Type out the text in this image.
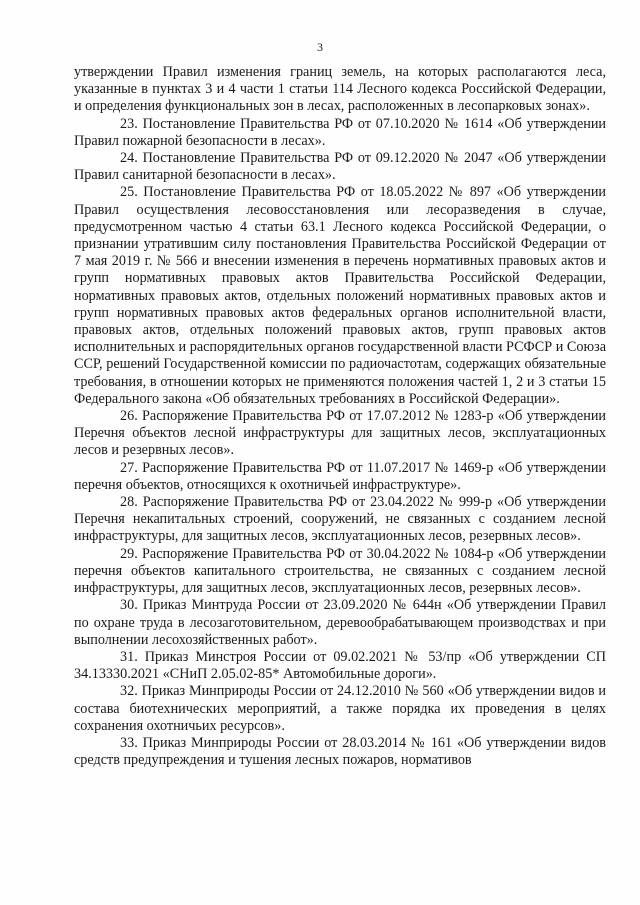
3

утверждении Правил изменения границ земель, на которых располагаются леса, указанные в пунктах 3 и 4 части 1 статьи 114 Лесного кодекса Российской Федерации, и определения функциональных зон в лесах, расположенных в лесопарковых зонах».

23. Постановление Правительства РФ от 07.10.2020 № 1614 «Об утверждении Правил пожарной безопасности в лесах».

24. Постановление Правительства РФ от 09.12.2020 № 2047 «Об утверждении Правил санитарной безопасности в лесах».

25. Постановление Правительства РФ от 18.05.2022 № 897 «Об утверждении Правил осуществления лесовосстановления или лесоразведения в случае, предусмотренном частью 4 статьи 63.1 Лесного кодекса Российской Федерации, о признании утратившим силу постановления Правительства Российской Федерации от 7 мая 2019 г. № 566 и внесении изменения в перечень нормативных правовых актов и групп нормативных правовых актов Правительства Российской Федерации, нормативных правовых актов, отдельных положений нормативных правовых актов и групп нормативных правовых актов федеральных органов исполнительной власти, правовых актов, отдельных положений правовых актов, групп правовых актов исполнительных и распорядительных органов государственной власти РСФСР и Союза ССР, решений Государственной комиссии по радиочастотам, содержащих обязательные требования, в отношении которых не применяются положения частей 1, 2 и 3 статьи 15 Федерального закона «Об обязательных требованиях в Российской Федерации».

26. Распоряжение Правительства РФ от 17.07.2012 № 1283-р «Об утверждении Перечня объектов лесной инфраструктуры для защитных лесов, эксплуатационных лесов и резервных лесов».

27. Распоряжение Правительства РФ от 11.07.2017 № 1469-р «Об утверждении перечня объектов, относящихся к охотничьей инфраструктуре».

28. Распоряжение Правительства РФ от 23.04.2022 № 999-р «Об утверждении Перечня некапитальных строений, сооружений, не связанных с созданием лесной инфраструктуры, для защитных лесов, эксплуатационных лесов, резервных лесов».

29. Распоряжение Правительства РФ от 30.04.2022 № 1084-р «Об утверждении перечня объектов капитального строительства, не связанных с созданием лесной инфраструктуры, для защитных лесов, эксплуатационных лесов, резервных лесов».

30. Приказ Минтруда России от 23.09.2020 № 644н «Об утверждении Правил по охране труда в лесозаготовительном, деревообрабатывающем производствах и при выполнении лесохозяйственных работ».

31. Приказ Минстроя России от 09.02.2021 № 53/пр «Об утверждении СП 34.13330.2021 «СНиП 2.05.02-85* Автомобильные дороги».

32. Приказ Минприроды России от 24.12.2010 № 560 «Об утверждении видов и состава биотехнических мероприятий, а также порядка их проведения в целях сохранения охотничьих ресурсов».

33. Приказ Минприроды России от 28.03.2014 № 161 «Об утверждении видов средств предупреждения и тушения лесных пожаров, нормативов
